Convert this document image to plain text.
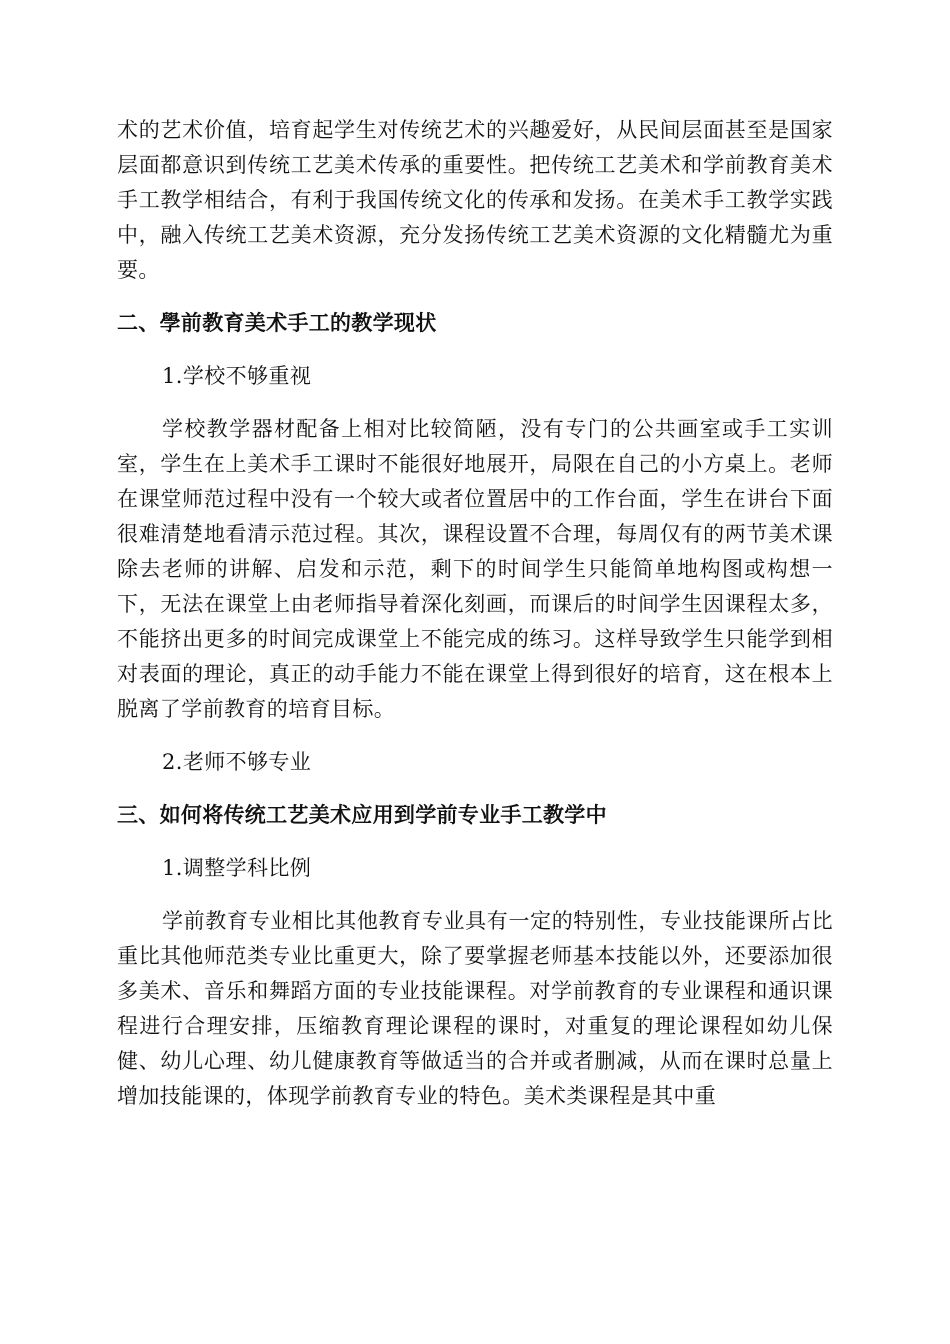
术的艺术价值，培育起学生对传统艺术的兴趣爱好，从民间层面甚至是国家层面都意识到传统工艺美术传承的重要性。把传统工艺美术和学前教育美术手工教学相结合，有利于我国传统文化的传承和发扬。在美术手工教学实践中，融入传统工艺美术资源，充分发扬传统工艺美术资源的文化精髓尤为重要。

二、學前教育美术手工的教学现状
1.学校不够重视

学校教学器材配备上相对比较简陋，没有专门的公共画室或手工实训室，学生在上美术手工课时不能很好地展开，局限在自己的小方桌上。老师在课堂师范过程中没有一个较大或者位置居中的工作台面，学生在讲台下面很难清楚地看清示范过程。其次，课程设置不合理，每周仅有的两节美术课除去老师的讲解、启发和示范，剩下的时间学生只能简单地构图或构想一下，无法在课堂上由老师指导着深化刻画，而课后的时间学生因课程太多，不能挤出更多的时间完成课堂上不能完成的练习。这样导致学生只能学到相对表面的理论，真正的动手能力不能在课堂上得到很好的培育，这在根本上脱离了学前教育的培育目标。

2.老师不够专业
三、如何将传统工艺美术应用到学前专业手工教学中
1.调整学科比例

学前教育专业相比其他教育专业具有一定的特别性，专业技能课所占比重比其他师范类专业比重更大，除了要掌握老师基本技能以外，还要添加很多美术、音乐和舞蹈方面的专业技能课程。对学前教育的专业课程和通识课程进行合理安排，压缩教育理论课程的课时，对重复的理论课程如幼儿保健、幼儿心理、幼儿健康教育等做适当的合并或者删减，从而在课时总量上增加技能课的，体现学前教育专业的特色。美术类课程是其中重
